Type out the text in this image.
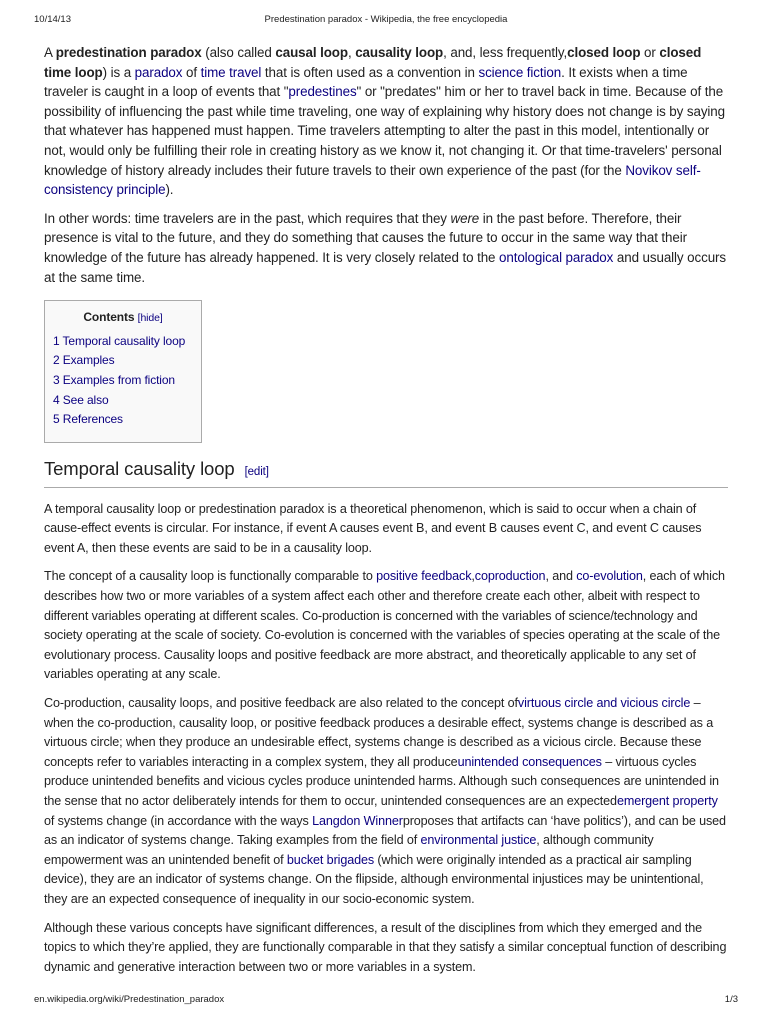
10/14/13	Predestination paradox - Wikipedia, the free encyclopedia

A predestination paradox (also called causal loop, causality loop, and, less frequently,closed loop or closed time loop) is a paradox of time travel that is often used as a convention in science fiction. It exists when a time traveler is caught in a loop of events that "predestines" or "predates" him or her to travel back in time. Because of the possibility of influencing the past while time traveling, one way of explaining why history does not change is by saying that whatever has happened must happen. Time travelers attempting to alter the past in this model, intentionally or not, would only be fulfilling their role in creating history as we know it, not changing it. Or that time-travelers' personal knowledge of history already includes their future travels to their own experience of the past (for the Novikov self-consistency principle).

In other words: time travelers are in the past, which requires that they were in the past before. Therefore, their presence is vital to the future, and they do something that causes the future to occur in the same way that their knowledge of the future has already happened. It is very closely related to the ontological paradox and usually occurs at the same time.

Contents [hide]
1 Temporal causality loop
2 Examples
3 Examples from fiction
4 See also
5 References
Temporal causality loop [edit]

A temporal causality loop or predestination paradox is a theoretical phenomenon, which is said to occur when a chain of cause-effect events is circular. For instance, if event A causes event B, and event B causes event C, and event C causes event A, then these events are said to be in a causality loop.

The concept of a causality loop is functionally comparable to positive feedback,coproduction, and co-evolution, each of which describes how two or more variables of a system affect each other and therefore create each other, albeit with respect to different variables operating at different scales. Co-production is concerned with the variables of science/technology and society operating at the scale of society. Co-evolution is concerned with the variables of species operating at the scale of the evolutionary process. Causality loops and positive feedback are more abstract, and theoretically applicable to any set of variables operating at any scale.

Co-production, causality loops, and positive feedback are also related to the concept ofvirtuous circle and vicious circle – when the co-production, causality loop, or positive feedback produces a desirable effect, systems change is described as a virtuous circle; when they produce an undesirable effect, systems change is described as a vicious circle. Because these concepts refer to variables interacting in a complex system, they all produceunintended consequences – virtuous cycles produce unintended benefits and vicious cycles produce unintended harms. Although such consequences are unintended in the sense that no actor deliberately intends for them to occur, unintended consequences are an expectedemergent property of systems change (in accordance with the ways Langdon Winnerproposes that artifacts can ‘have politics’), and can be used as an indicator of systems change. Taking examples from the field of environmental justice, although community empowerment was an unintended benefit of bucket brigades (which were originally intended as a practical air sampling device), they are an indicator of systems change. On the flipside, although environmental injustices may be unintentional, they are an expected consequence of inequality in our socio-economic system.

Although these various concepts have significant differences, a result of the disciplines from which they emerged and the topics to which they’re applied, they are functionally comparable in that they satisfy a similar conceptual function of describing dynamic and generative interaction between two or more variables in a system.

en.wikipedia.org/wiki/Predestination_paradox	1/3
